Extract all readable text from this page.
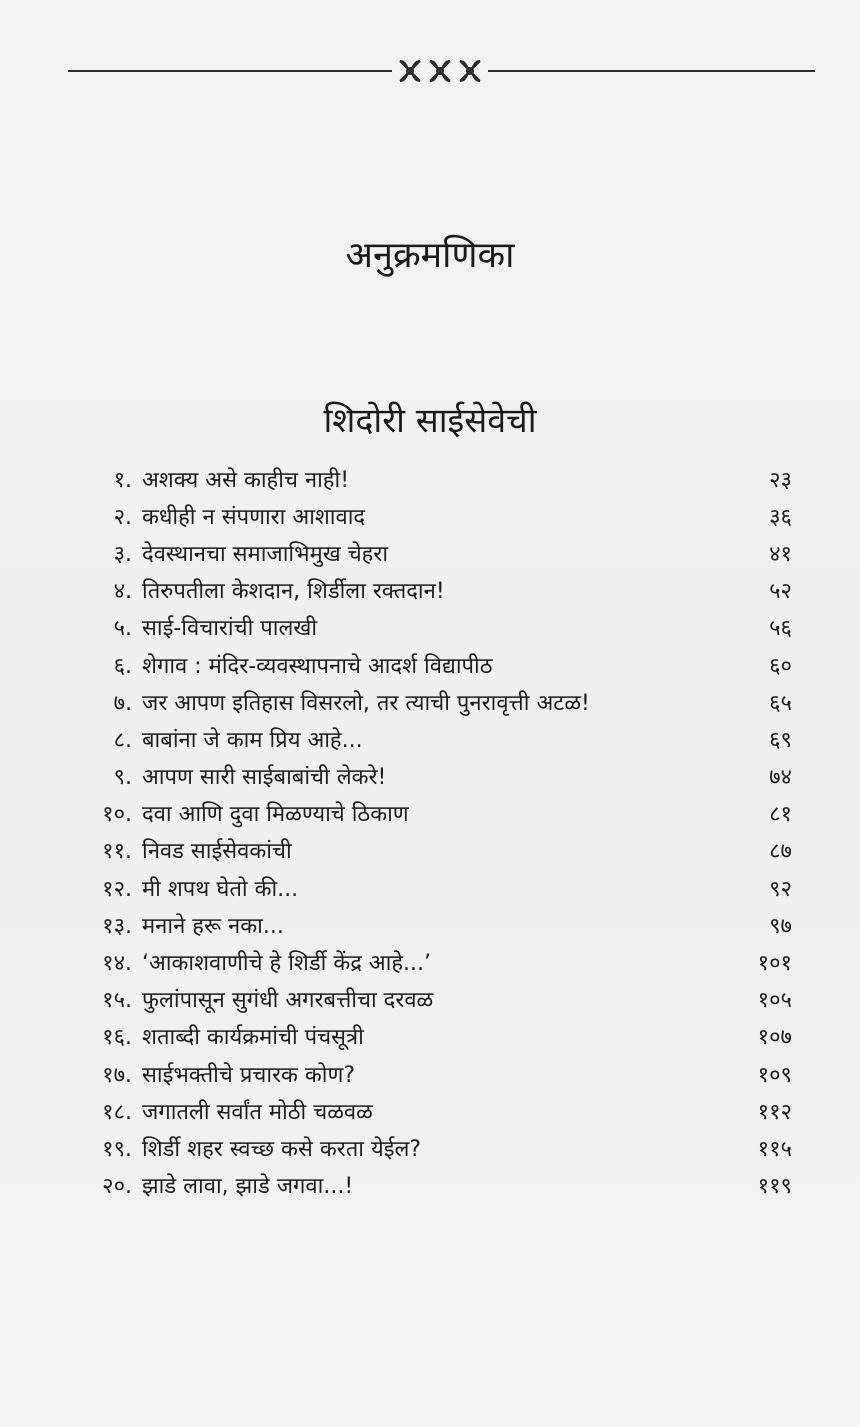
अनुक्रमणिका
शिदोरी साईसेवेची
१. अशक्य असे काहीच नाही!	२३
२. कधीही न संपणारा आशावाद	३६
३. देवस्थानचा समाजाभिमुख चेहरा	४१
४. तिरुपतीला केशदान, शिर्डीला रक्तदान!	५२
५. साई-विचारांची पालखी	५६
६. शेगाव : मंदिर-व्यवस्थापनाचे आदर्श विद्यापीठ	६०
७. जर आपण इतिहास विसरलो, तर त्याची पुनरावृत्ती अटळ!	६५
८. बाबांना जे काम प्रिय आहे...	६९
९. आपण सारी साईबाबांची लेकरे!	७४
१०. दवा आणि दुवा मिळण्याचे ठिकाण	८१
११. निवड साईसेवकांची	८७
१२. मी शपथ घेतो की...	९२
१३. मनाने हरू नका...	९७
१४. ‘आकाशवाणीचे हे शिर्डी केंद्र आहे...’	१०१
१५. फुलांपासून सुगंधी अगरबत्तीचा दरवळ	१०५
१६. शताब्दी कार्यक्रमांची पंचसूत्री	१०७
१७. साईभक्तीचे प्रचारक कोण?	१०९
१८. जगातली सर्वांत मोठी चळवळ	११२
१९. शिर्डी शहर स्वच्छ कसे करता येईल?	११५
२०. झाडे लावा, झाडे जगवा...!	११९
